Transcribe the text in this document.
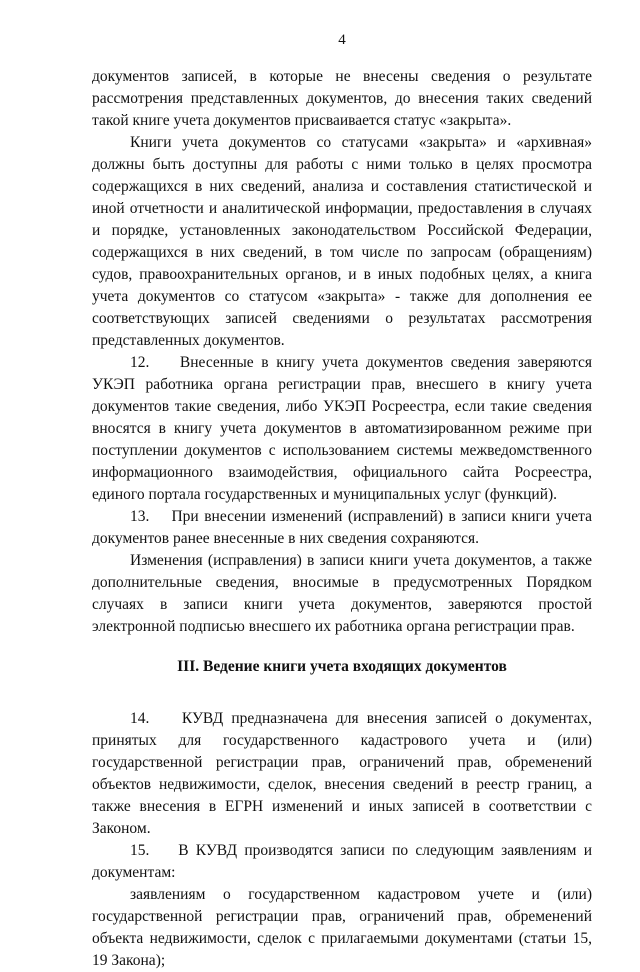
4

документов записей, в которые не внесены сведения о результате рассмотрения представленных документов, до внесения таких сведений такой книге учета документов присваивается статус «закрыта».

Книги учета документов со статусами «закрыта» и «архивная» должны быть доступны для работы с ними только в целях просмотра содержащихся в них сведений, анализа и составления статистической и иной отчетности и аналитической информации, предоставления в случаях и порядке, установленных законодательством Российской Федерации, содержащихся в них сведений, в том числе по запросам (обращениям) судов, правоохранительных органов, и в иных подобных целях, а книга учета документов со статусом «закрыта» - также для дополнения ее соответствующих записей сведениями о результатах рассмотрения представленных документов.

12.    Внесенные в книгу учета документов сведения заверяются УКЭП работника органа регистрации прав, внесшего в книгу учета документов такие сведения, либо УКЭП Росреестра, если такие сведения вносятся в книгу учета документов в автоматизированном режиме при поступлении документов с использованием системы межведомственного информационного взаимодействия, официального сайта Росреестра, единого портала государственных и муниципальных услуг (функций).

13.    При внесении изменений (исправлений) в записи книги учета документов ранее внесенные в них сведения сохраняются.

Изменения (исправления) в записи книги учета документов, а также дополнительные сведения, вносимые в предусмотренных Порядком случаях в записи книги учета документов, заверяются простой электронной подписью внесшего их работника органа регистрации прав.

III. Ведение книги учета входящих документов

14.    КУВД предназначена для внесения записей о документах, принятых для государственного кадастрового учета и (или) государственной регистрации прав, ограничений прав, обременений объектов недвижимости, сделок, внесения сведений в реестр границ, а также внесения в ЕГРН изменений и иных записей в соответствии с Законом.

15.    В КУВД производятся записи по следующим заявлениям и документам:

заявлениям о государственном кадастровом учете и (или) государственной регистрации прав, ограничений прав, обременений объекта недвижимости, сделок с прилагаемыми документами (статьи 15, 19 Закона);
